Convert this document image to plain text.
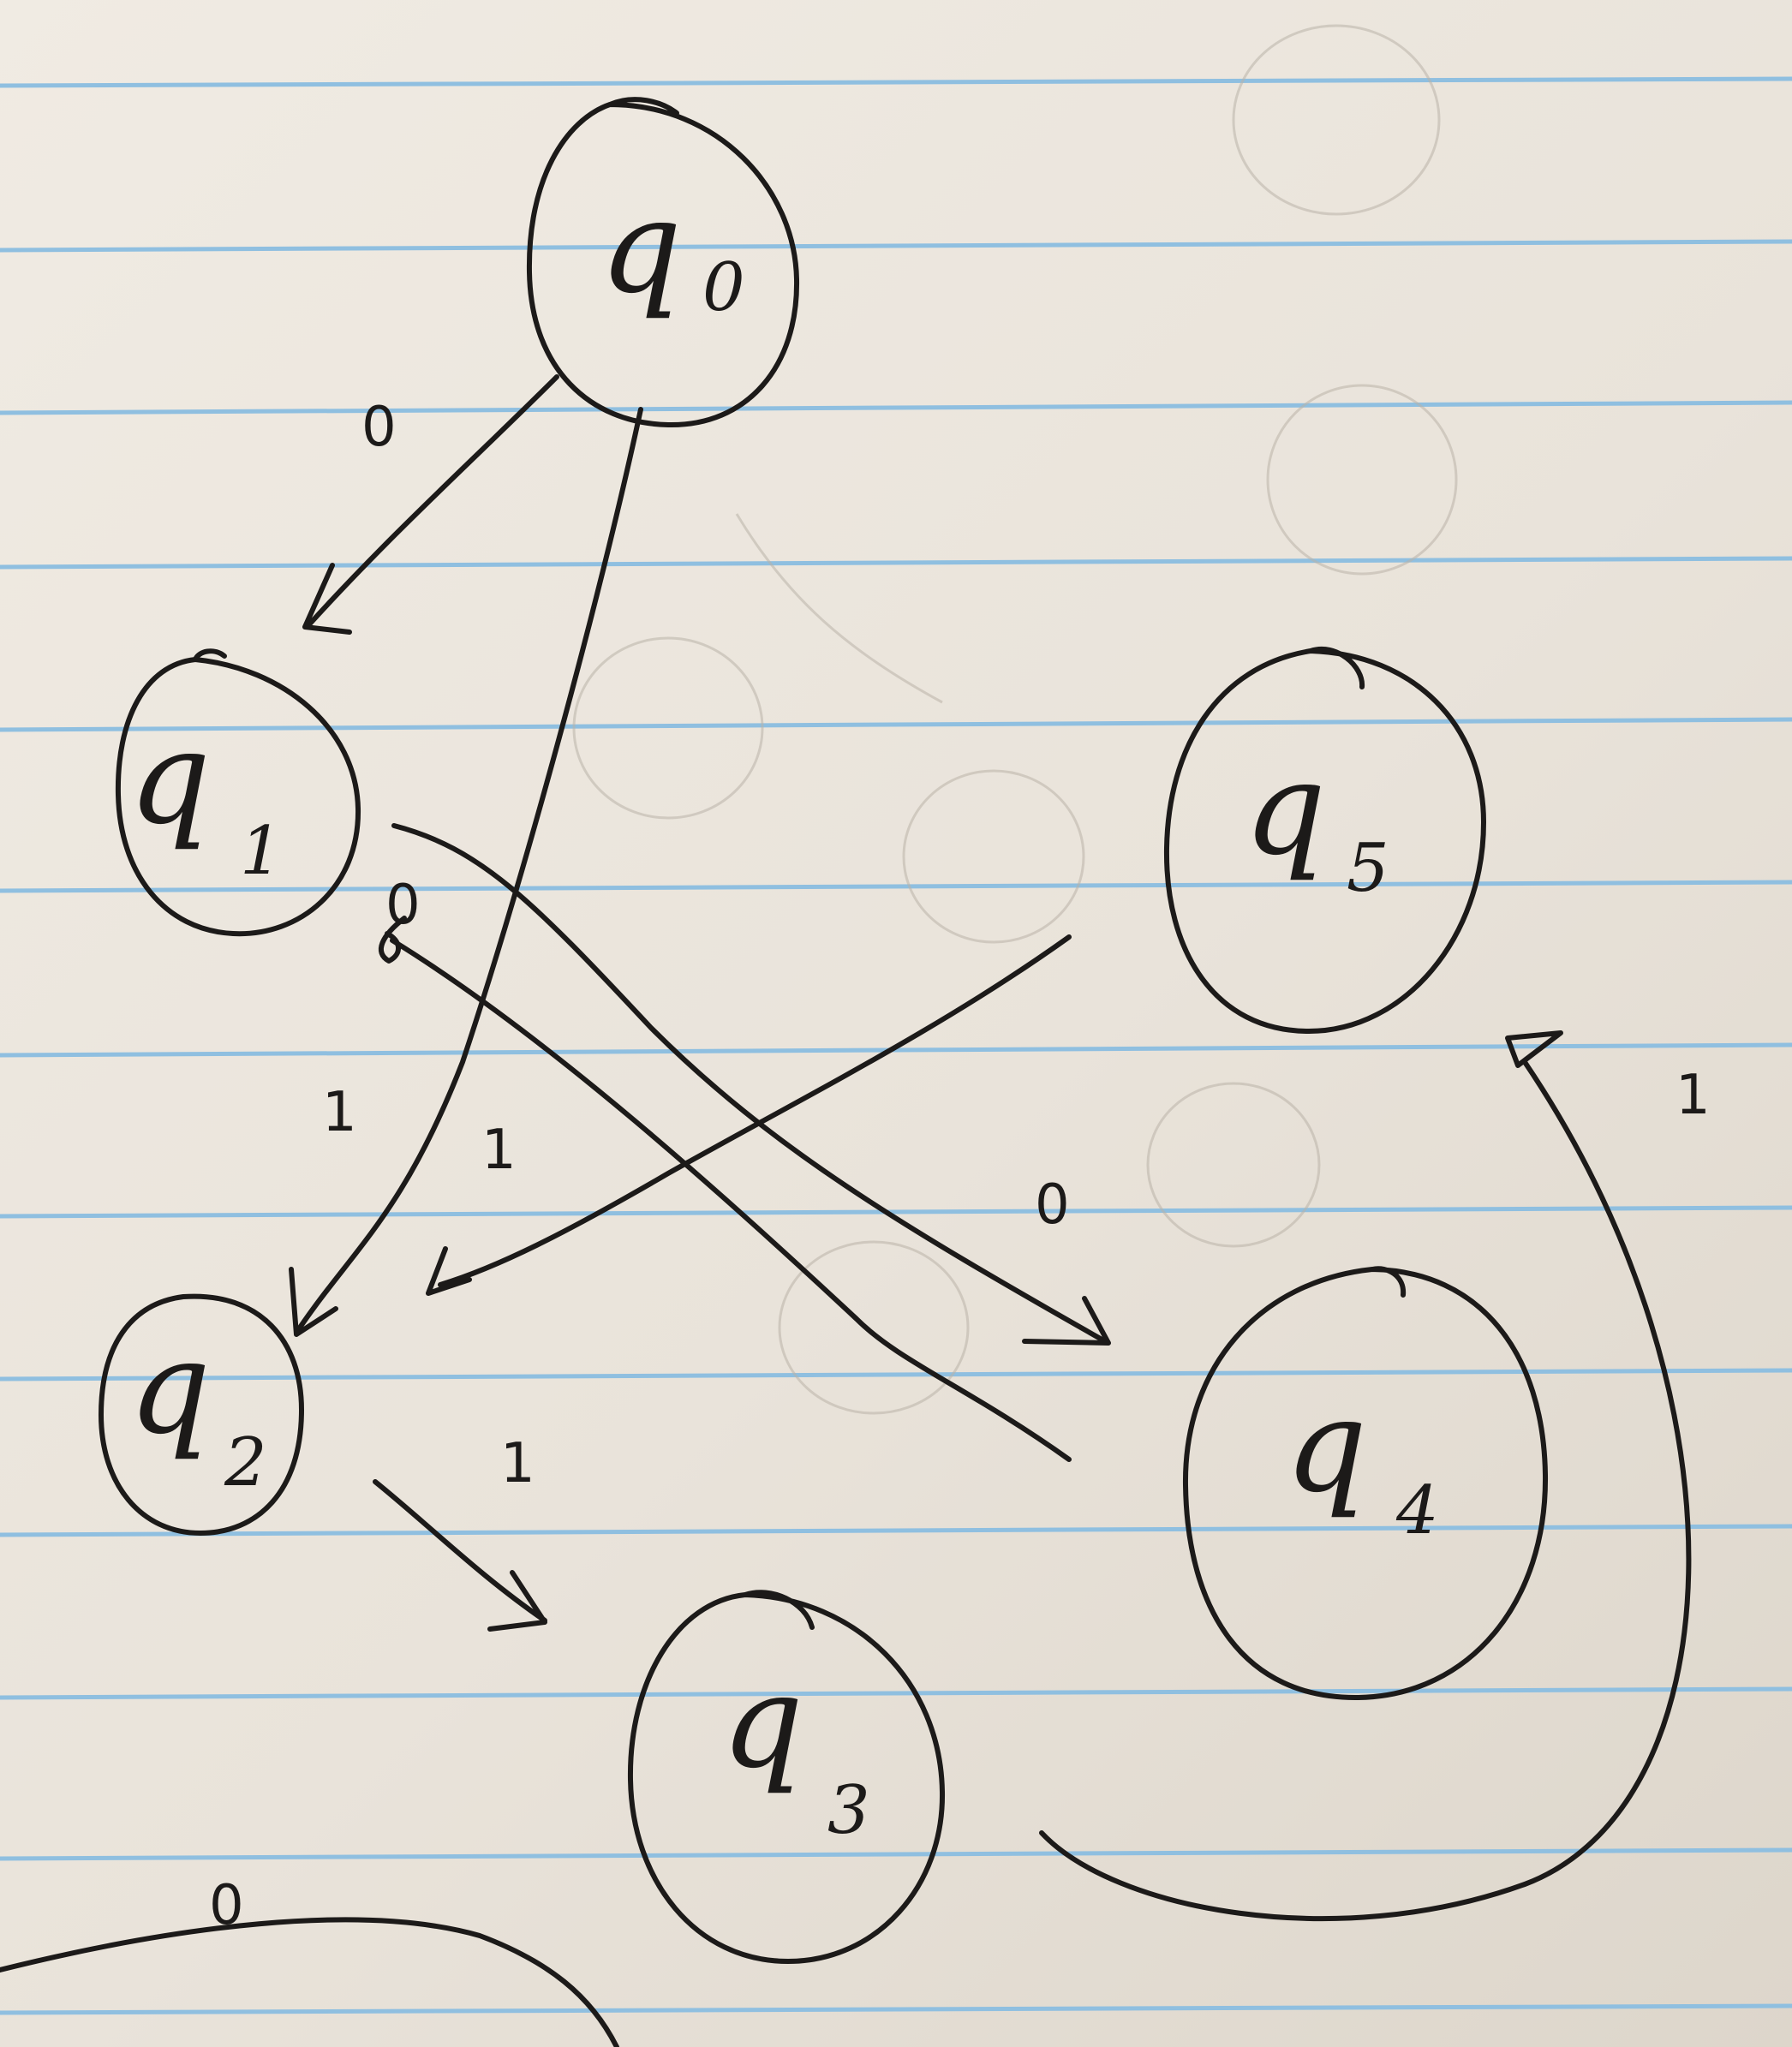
q 0
q 1
q 2
q
3
q 4
q 5
0
1
0
0
1
1
1
0
